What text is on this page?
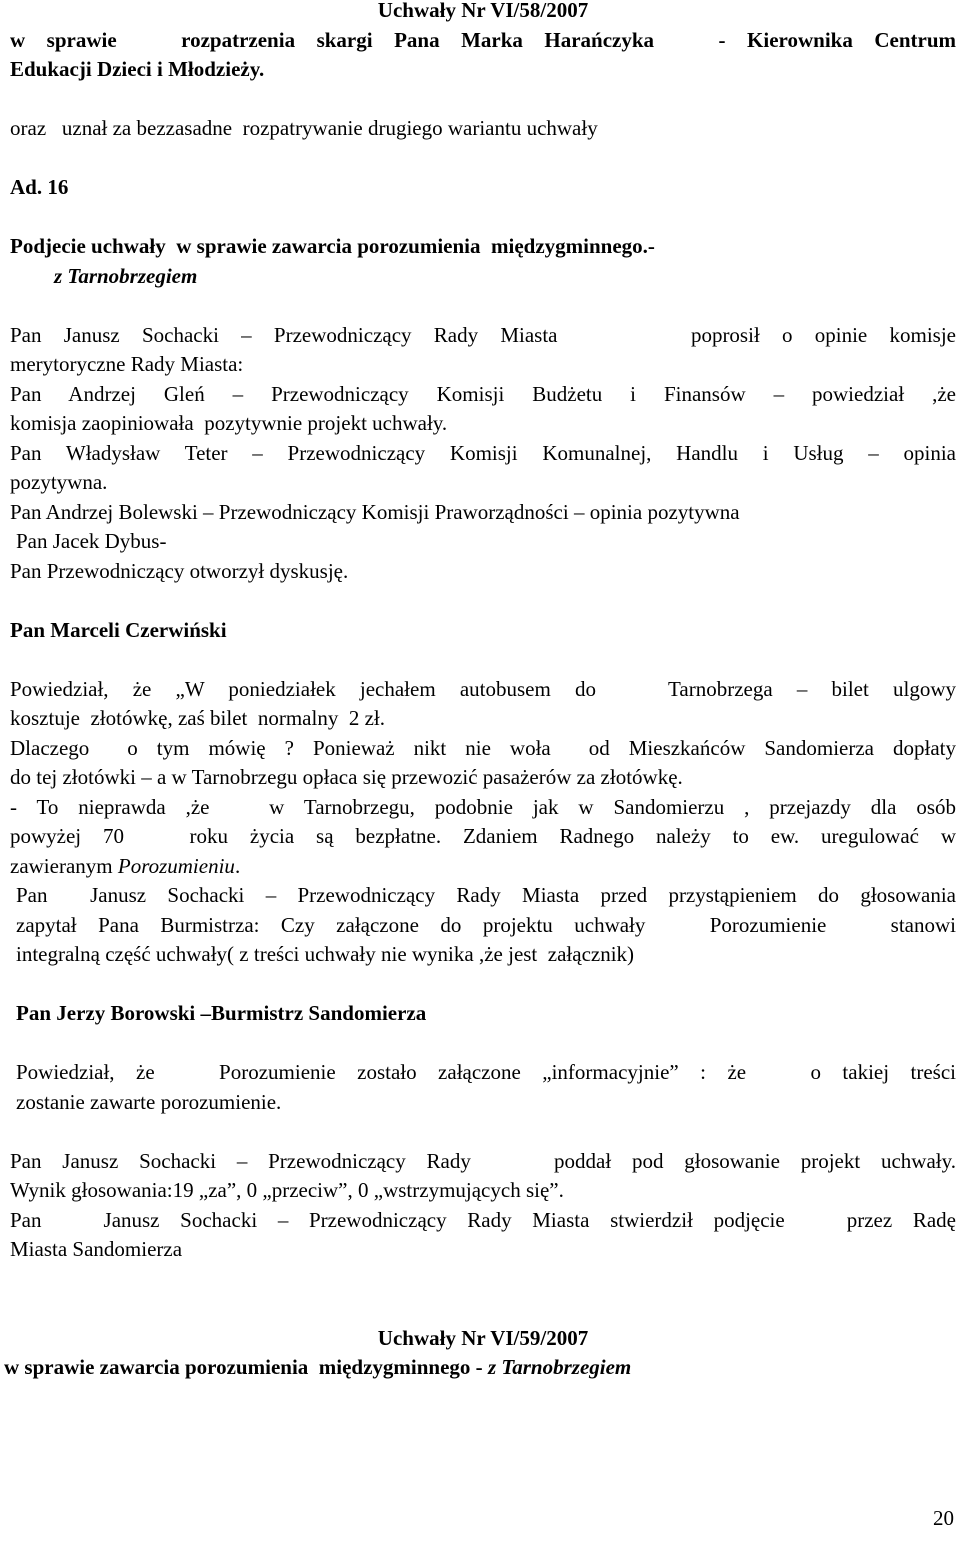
Uchwały Nr VI/58/2007

w sprawie   rozpatrzenia skargi Pana Marka Harańczyka   - Kierownika Centrum

Edukacji Dzieci i Młodzieży.

oraz   uznał za bezzasadne  rozpatrywanie drugiego wariantu uchwały

Ad. 16

Podjecie uchwały  w sprawie zawarcia porozumienia  międzygminnego.-

z Tarnobrzegiem

Pan Janusz Sochacki – Przewodniczący Rady Miasta      poprosił o opinie komisje

merytoryczne Rady Miasta:

Pan Andrzej Gleń – Przewodniczący Komisji Budżetu i Finansów – powiedział ,że

komisja zaopiniowała  pozytywnie projekt uchwały.

Pan Władysław Teter – Przewodniczący Komisji Komunalnej, Handlu i Usług – opinia

pozytywna.

Pan Andrzej Bolewski – Przewodniczący Komisji Praworządności – opinia pozytywna

Pan Jacek Dybus-

Pan Przewodniczący otworzył dyskusję.

Pan Marceli Czerwiński

Powiedział, że „W poniedziałek jechałem autobusem do   Tarnobrzega – bilet ulgowy

kosztuje  złotówkę, zaś bilet  normalny  2 zł.

Dlaczego  o tym mówię ? Ponieważ nikt nie woła  od Mieszkańców Sandomierza dopłaty

do tej złotówki – a w Tarnobrzegu opłaca się przewozić pasażerów za złotówkę.

- To nieprawda ,że   w Tarnobrzegu, podobnie jak w Sandomierzu , przejazdy dla osób

powyżej 70   roku życia są bezpłatne. Zdaniem Radnego należy to ew. uregulować w

zawieranym Porozumieniu.

Pan  Janusz Sochacki – Przewodniczący Rady Miasta przed przystąpieniem do głosowania

zapytał Pana Burmistrza: Czy załączone do projektu uchwały   Porozumienie   stanowi

integralną część uchwały( z treści uchwały nie wynika ,że jest  załącznik)

Pan Jerzy Borowski –Burmistrz Sandomierza

Powiedział, że   Porozumienie zostało załączone „informacyjnie” : że   o takiej treści

zostanie zawarte porozumienie.

Pan Janusz Sochacki – Przewodniczący Rady    poddał pod głosowanie projekt uchwały.

Wynik głosowania:19 „za”, 0 „przeciw”, 0 „wstrzymujących się”.

Pan   Janusz Sochacki – Przewodniczący Rady Miasta stwierdził podjęcie   przez Radę

Miasta Sandomierza

Uchwały Nr VI/59/2007

w sprawie zawarcia porozumienia  międzygminnego - z Tarnobrzegiem

20
